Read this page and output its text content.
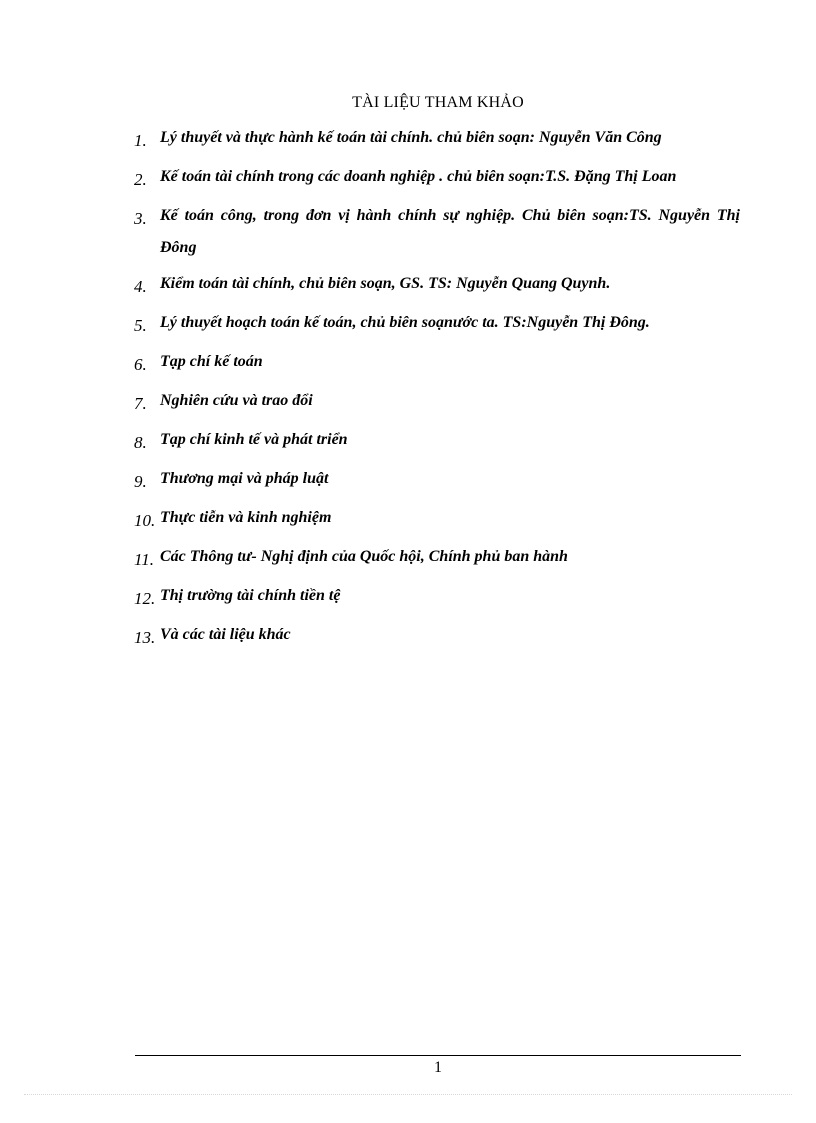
TÀI LIỆU THAM KHẢO
1. Lý thuyết và thực hành kế toán tài chính. chủ biên soạn: Nguyễn Văn Công
2. Kế toán tài chính trong các doanh nghiệp . chủ biên soạn:T.S. Đặng Thị Loan
3. Kế toán công, trong đơn vị hành chính sự nghiệp. Chủ biên soạn:TS. Nguyễn Thị Đông
4. Kiểm toán tài chính, chủ biên soạn, GS. TS: Nguyễn Quang Quynh.
5. Lý thuyết hoạch toán kế toán, chủ biên soạnước ta. TS:Nguyễn Thị Đông.
6. Tạp chí kế toán
7. Nghiên cứu và trao đổi
8. Tạp chí kinh tế và phát triển
9. Thương mại và pháp luật
10. Thực tiễn và kinh nghiệm
11. Các Thông tư- Nghị định của Quốc hội, Chính phủ ban hành
12. Thị trường tài chính tiền tệ
13. Và các tài liệu khác
1
